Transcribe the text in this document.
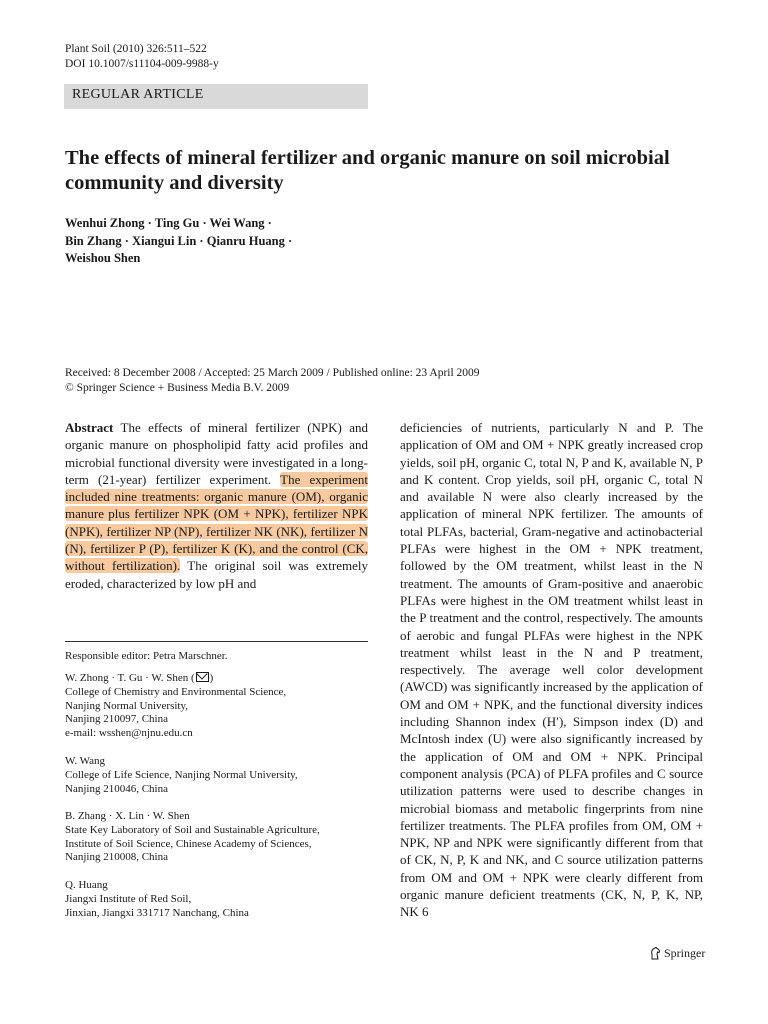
Plant Soil (2010) 326:511–522
DOI 10.1007/s11104-009-9988-y
REGULAR ARTICLE
The effects of mineral fertilizer and organic manure on soil microbial community and diversity
Wenhui Zhong · Ting Gu · Wei Wang ·
Bin Zhang · Xiangui Lin · Qianru Huang ·
Weishou Shen
Received: 8 December 2008 / Accepted: 25 March 2009 / Published online: 23 April 2009
© Springer Science + Business Media B.V. 2009
Abstract The effects of mineral fertilizer (NPK) and organic manure on phospholipid fatty acid profiles and microbial functional diversity were investigated in a long-term (21-year) fertilizer experiment. The experiment included nine treatments: organic manure (OM), organic manure plus fertilizer NPK (OM + NPK), fertilizer NPK (NPK), fertilizer NP (NP), fertilizer NK (NK), fertilizer N (N), fertilizer P (P), fertilizer K (K), and the control (CK, without fertilization). The original soil was extremely eroded, characterized by low pH and
Responsible editor: Petra Marschner.
W. Zhong · T. Gu · W. Shen ( )
College of Chemistry and Environmental Science,
Nanjing Normal University,
Nanjing 210097, China
e-mail: wsshen@njnu.edu.cn
W. Wang
College of Life Science, Nanjing Normal University,
Nanjing 210046, China
B. Zhang · X. Lin · W. Shen
State Key Laboratory of Soil and Sustainable Agriculture,
Institute of Soil Science, Chinese Academy of Sciences,
Nanjing 210008, China
Q. Huang
Jiangxi Institute of Red Soil,
Jinxian, Jiangxi 331717 Nanchang, China
deficiencies of nutrients, particularly N and P. The application of OM and OM + NPK greatly increased crop yields, soil pH, organic C, total N, P and K, available N, P and K content. Crop yields, soil pH, organic C, total N and available N were also clearly increased by the application of mineral NPK fertilizer. The amounts of total PLFAs, bacterial, Gram-negative and actinobacterial PLFAs were highest in the OM + NPK treatment, followed by the OM treatment, whilst least in the N treatment. The amounts of Gram-positive and anaerobic PLFAs were highest in the OM treatment whilst least in the P treatment and the control, respectively. The amounts of aerobic and fungal PLFAs were highest in the NPK treatment whilst least in the N and P treatment, respectively. The average well color development (AWCD) was significantly increased by the application of OM and OM + NPK, and the functional diversity indices including Shannon index (H′), Simpson index (D) and McIntosh index (U) were also significantly increased by the application of OM and OM + NPK. Principal component analysis (PCA) of PLFA profiles and C source utilization patterns were used to describe changes in microbial biomass and metabolic fingerprints from nine fertilizer treatments. The PLFA profiles from OM, OM + NPK, NP and NPK were significantly different from that of CK, N, P, K and NK, and C source utilization patterns from OM and OM + NPK were clearly different from organic manure deficient treatments (CK, N, P, K, NP, NK 6
Springer
